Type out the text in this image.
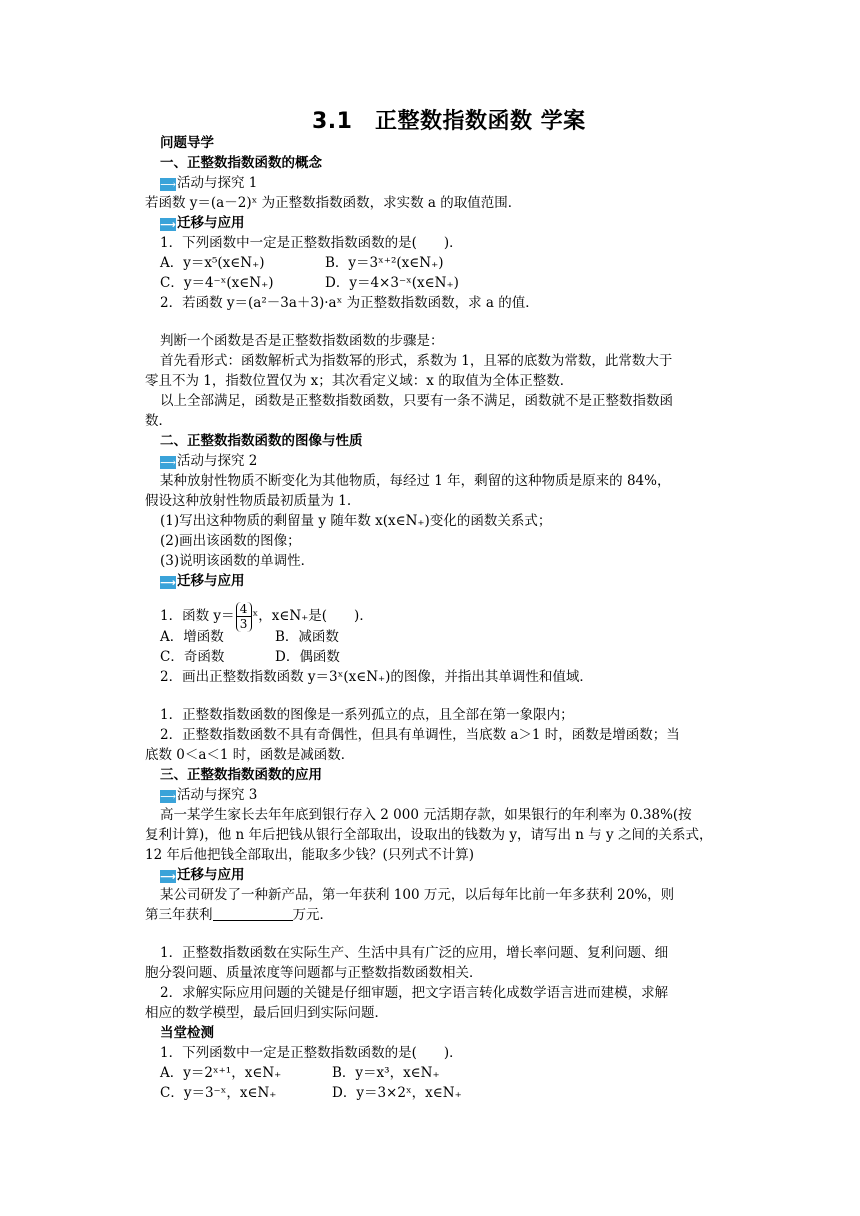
3.1　正整数指数函数 学案
问题导学
一、正整数指数函数的概念
⟶活动与探究 1
若函数 y＝(a－2)ˣ 为正整数指数函数，求实数 a 的取值范围．
⟶迁移与应用
1．下列函数中一定是正整数指数函数的是(　　)．
A．y＝x⁵(x∈N₊)	B．y＝3ˣ⁺²(x∈N₊)
C．y＝4⁻ˣ(x∈N₊)	D．y＝4×3⁻ˣ(x∈N₊)
2．若函数 y＝(a²－3a＋3)·aˣ 为正整数指数函数，求 a 的值．
判断一个函数是否是正整数指数函数的步骤是：
首先看形式：函数解析式为指数幂的形式，系数为 1，且幂的底数为常数，此常数大于
零且不为 1，指数位置仅为 x；其次看定义域：x 的取值为全体正整数．
以上全部满足，函数是正整数指数函数，只要有一条不满足，函数就不是正整数指数函
数．
二、正整数指数函数的图像与性质
⟶活动与探究 2
某种放射性物质不断变化为其他物质，每经过 1 年，剩留的这种物质是原来的 84%，
假设这种放射性物质最初质量为 1.
(1)写出这种物质的剩留量 y 随年数 x(x∈N₊)变化的函数关系式；
(2)画出该函数的图像；
(3)说明该函数的单调性．
⟶迁移与应用
1．函数 $y= \frac{4}{3}$ ˣ，x∈N₊是(　　)．
A．增函数	B．减函数
C．奇函数	D．偶函数
2．画出正整数指数函数 y＝3ˣ(x∈N₊)的图像，并指出其单调性和值域．
1．正整数指数函数的图像是一系列孤立的点，且全部在第一象限内；
2．正整数指数函数不具有奇偶性，但具有单调性，当底数 a＞1 时，函数是增函数；当
底数 0＜a＜1 时，函数是减函数．
三、正整数指数函数的应用
⟶活动与探究 3
高一某学生家长去年年底到银行存入 2 000 元活期存款，如果银行的年利率为 0.38%(按
复利计算)，他 n 年后把钱从银行全部取出，设取出的钱数为 y，请写出 n 与 y 之间的关系式，
12 年后他把钱全部取出，能取多少钱？(只列式不计算)
⟶迁移与应用
某公司研发了一种新产品，第一年获利 100 万元，以后每年比前一年多获利 20%，则
第三年获利	万元．
1．正整数指数函数在实际生产、生活中具有广泛的应用，增长率问题、复利问题、细
胞分裂问题、质量浓度等问题都与正整数指数函数相关．
2．求解实际应用问题的关键是仔细审题，把文字语言转化成数学语言进而建模，求解
相应的数学模型，最后回归到实际问题．
当堂检测
1．下列函数中一定是正整数指数函数的是(　　)．
A．y＝2ˣ⁺¹，x∈N₊	B．y＝x³，x∈N₊
C．y＝3⁻ˣ，x∈N₊	D．y＝3×2ˣ，x∈N₊
